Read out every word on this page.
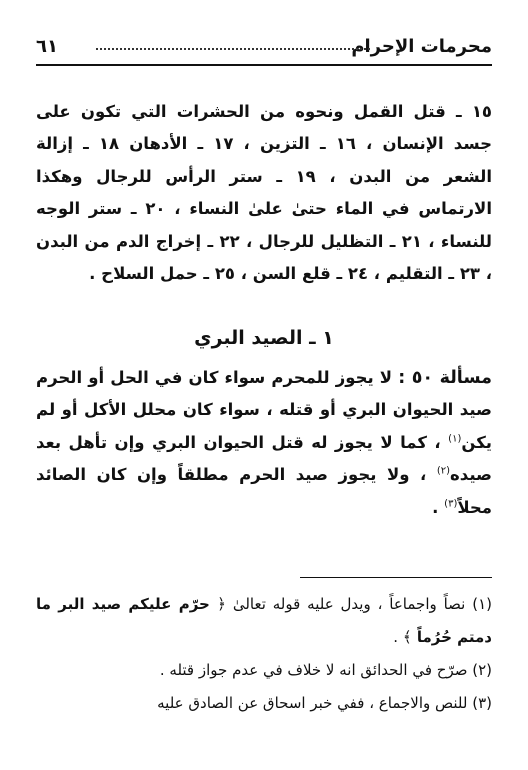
محرمات الإحرام
٦١
١٥ ـ قتل القمل ونحوه من الحشرات التي تكون على جسد الإنسان ، ١٦ ـ التزين ، ١٧ ـ الأدهان ١٨ ـ إزالة الشعر من البدن ، ١٩ ـ ستر الرأس للرجال وهكذا الارتماس في الماء حتىٰ علىٰ النساء ، ٢٠ ـ ستر الوجه للنساء ، ٢١ ـ التظليل للرجال ، ٢٢ ـ إخراج الدم من البدن ، ٢٣ ـ التقليم ، ٢٤ ـ قلع السن ، ٢٥ ـ حمل السلاح .
١ ـ الصيد البري
مسألة ٥٠ : لا يجوز للمحرم سواء كان في الحل أو الحرم صيد الحيوان البري أو قتله ، سواء كان محلل الأكل أو لم يكن$^{(١)}$ ، كما لا يجوز له قتل الحيوان البري وإن تأهل بعد صيده$^{(٢)}$ ، ولا يجوز صيد الحرم مطلقاً وإن كان الصائد محلاً$^{(٣)}$ .

(١) نصاً واجماعاً ، ويدل عليه قوله تعالىٰ ﴿ حرّم عليكم صيد البر ما دمتم حُرُماً ﴾ .

(٢) صرّح في الحدائق انه لا خلاف في عدم جواز قتله .

(٣) للنص والاجماع ، ففي خبر اسحاق عن الصادق عليه
